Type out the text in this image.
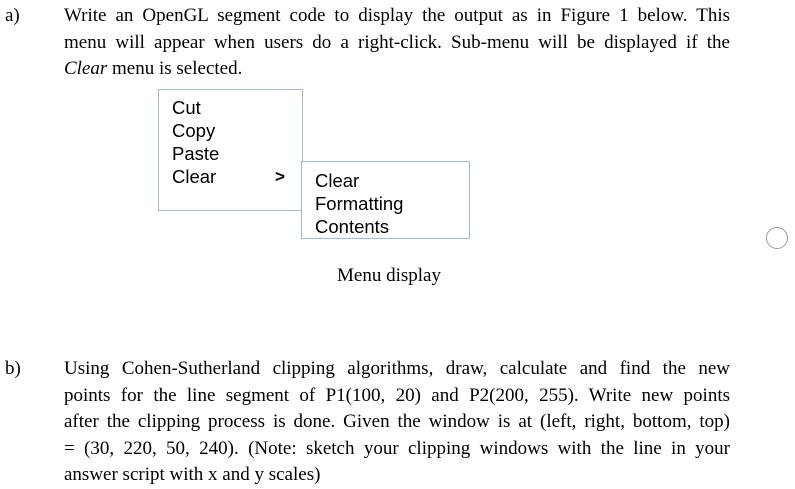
a) Write an OpenGL segment code to display the output as in Figure 1 below. This
menu will appear when users do a right-click. Sub-menu will be displayed if the
Clear menu is selected.
Cut
Copy
Paste
Clear	> Clear
Formatting
Contents
Menu display
b) Using Cohen-Sutherland clipping algorithms, draw, calculate and find the new
points for the line segment of P1(100, 20) and P2(200, 255). Write new points
after the clipping process is done. Given the window is at (left, right, bottom, top)
= (30, 220, 50, 240). (Note: sketch your clipping windows with the line in your
answer script with x and y scales)
